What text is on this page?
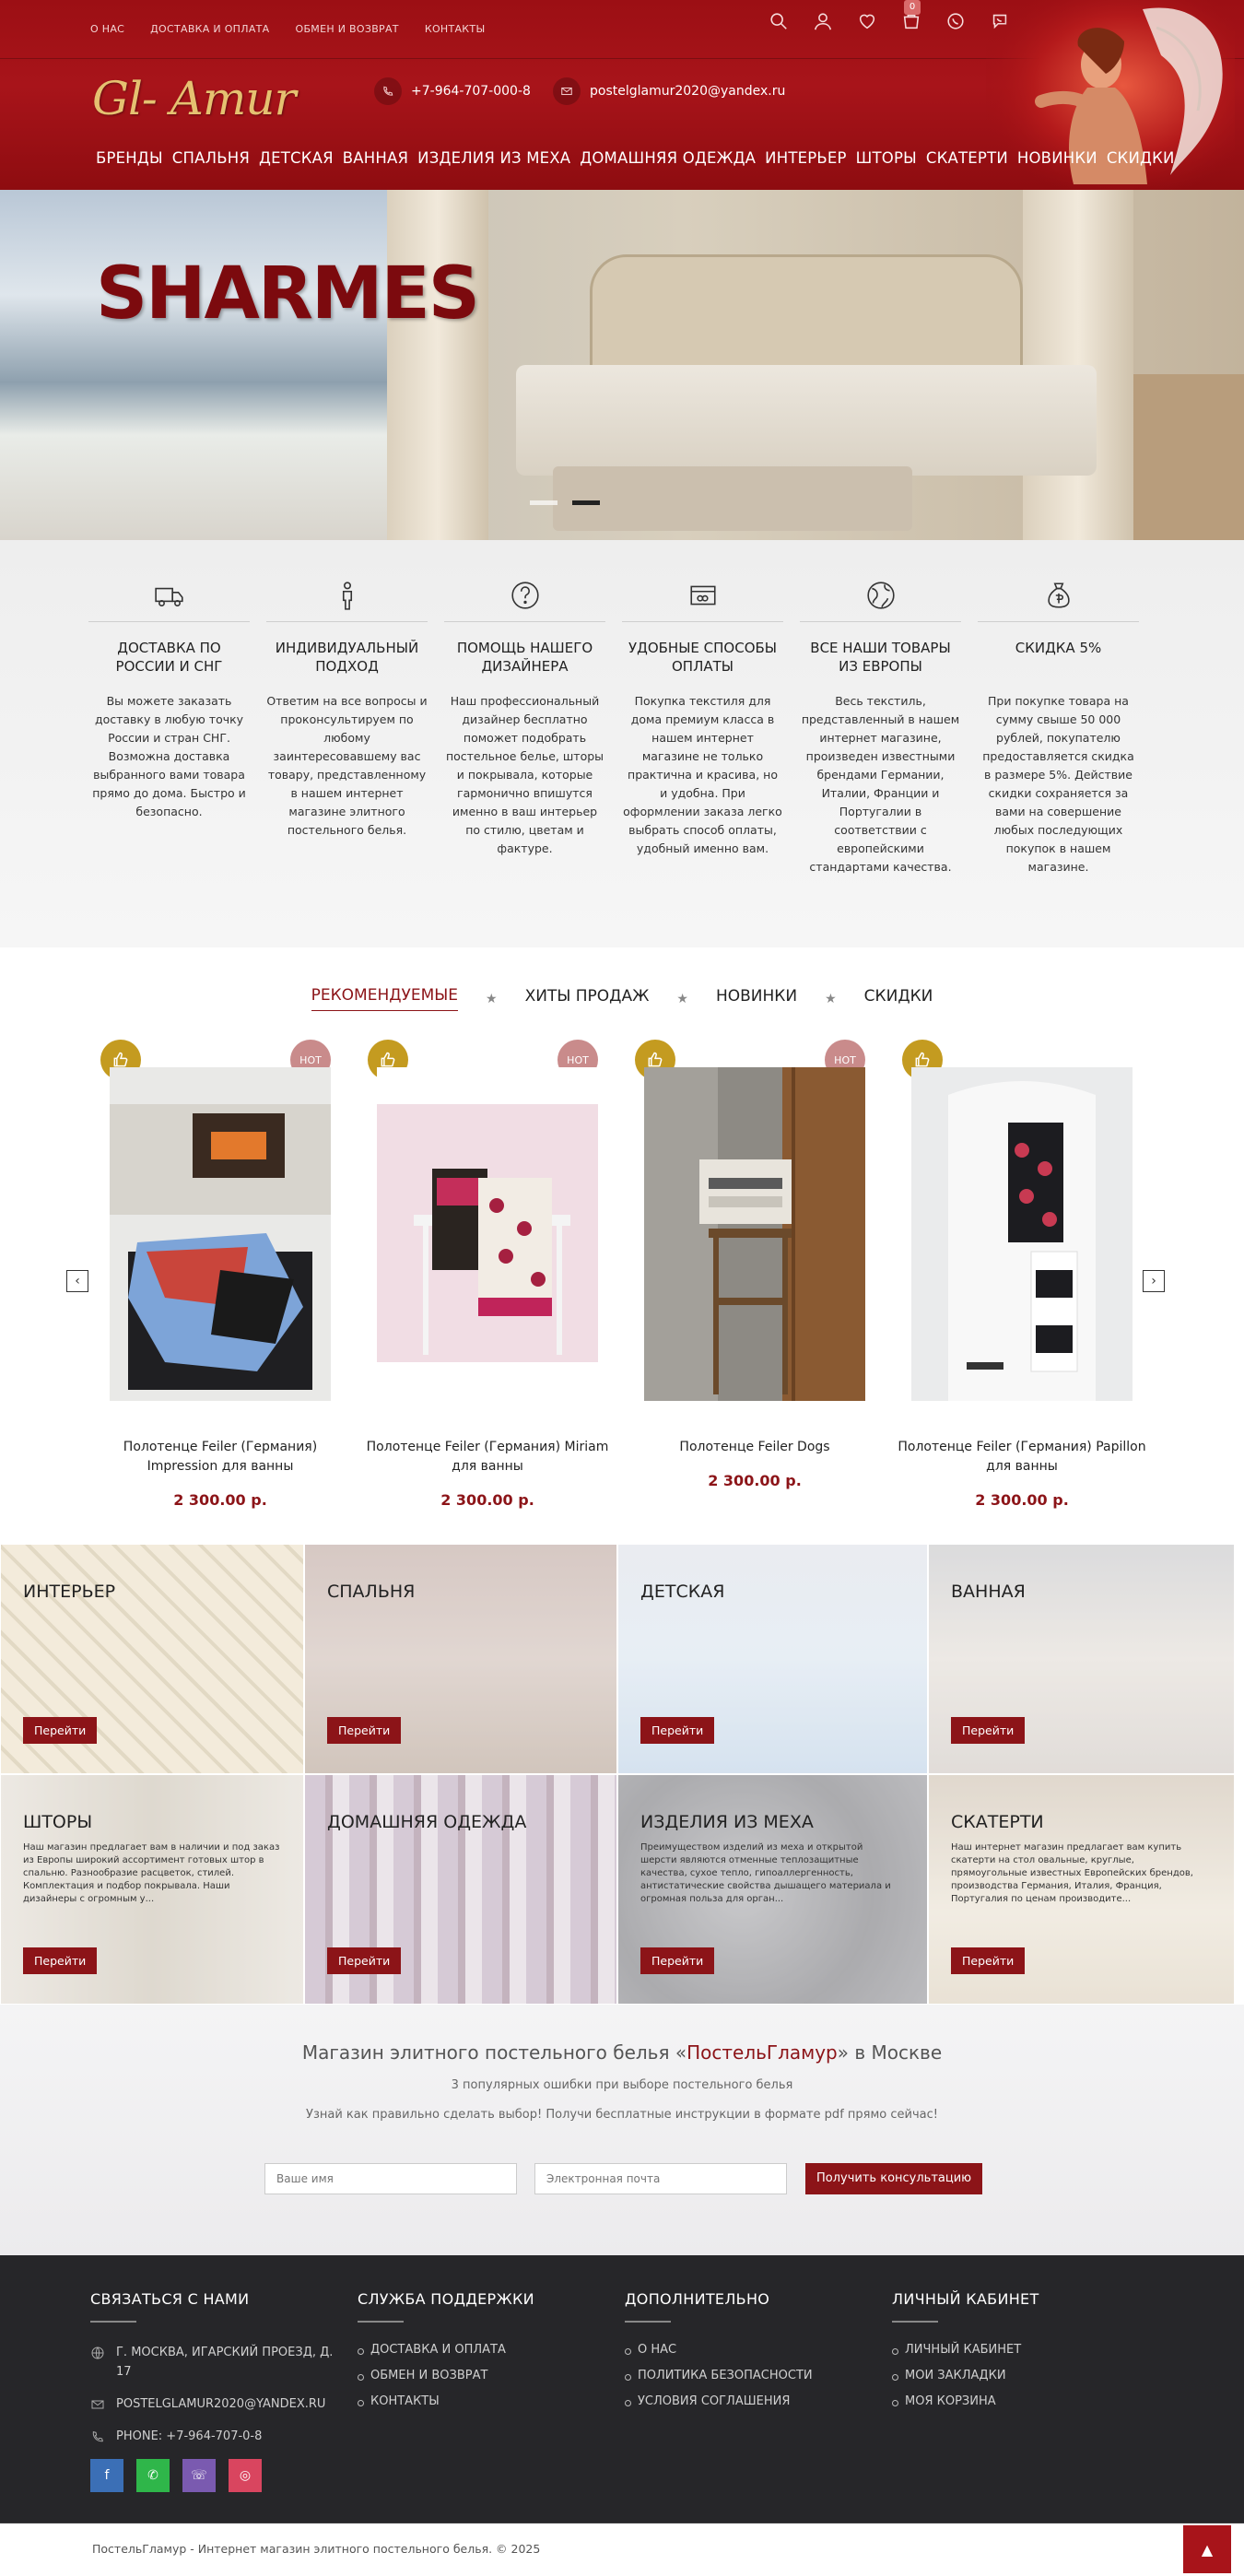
О НАС	ДОСТАВКА И ОПЛАТА	ОБМЕН И ВОЗВРАТ	КОНТАКТЫ
0
Gl- Amur	+7-964-707-000-8	postelglamur2020@yandex.ru
БРЕНДЫ СПАЛЬНЯ ДЕТСКАЯ ВАННАЯ ИЗДЕЛИЯ ИЗ МЕХА ДОМАШНЯЯ ОДЕЖДА ИНТЕРЬЕР ШТОРЫ СКАТЕРТИ НОВИНКИ СКИДКИ
SHARMES
ДОСТАВКА ПО РОССИИ И СНГ

Вы можете заказать доставку в любую точку России и стран СНГ. Возможна доставка выбранного вами товара прямо до дома. Быстро и безопасно.

ИНДИВИДУАЛЬНЫЙ ПОДХОД

Ответим на все вопросы и проконсультируем по любому заинтересовавшему вас товару, представленному в нашем интернет магазине элитного постельного белья.

ПОМОЩЬ НАШЕГО ДИЗАЙНЕРА

Наш профессиональный дизайнер бесплатно поможет подобрать постельное белье, шторы и покрывала, которые гармонично впишутся именно в ваш интерьер по стилю, цветам и фактуре.

УДОБНЫЕ СПОСОБЫ ОПЛАТЫ

Покупка текстиля для дома премиум класса в нашем интернет магазине не только практична и красива, но и удобна. При оформлении заказа легко выбрать способ оплаты, удобный именно вам.

ВСЕ НАШИ ТОВАРЫ ИЗ ЕВРОПЫ

Весь текстиль, представленный в нашем интернет магазине, произведен известными брендами Германии, Италии, Франции и Португалии в соответствии с европейскими стандартами качества.

СКИДКА 5%

При покупке товара на сумму свыше 50 000 рублей, покупателю предоставляется скидка в размере 5%. Действие скидки сохраняется за вами на совершение любых последующих покупок в нашем магазине.

РЕКОМЕНДУЕМЫЕ ★ ХИТЫ ПРОДАЖ ★ НОВИНКИ ★ СКИДКИ
‹	›
HOT
Полотенце Feiler (Германия) Impression для ванны
2 300.00 р.
HOT
Полотенце Feiler (Германия) Miriam для ванны
2 300.00 р.
HOT
Полотенце Feiler Dogs
2 300.00 р.
Полотенце Feiler (Германия) Papillon для ванны
2 300.00 р.
ИНТЕРЬЕР
Перейти
СПАЛЬНЯ
Перейти
ДЕТСКАЯ
Перейти
ВАННАЯ
Перейти
ШТОРЫ

Наш магазин предлагает вам в наличии и под заказ из Европы широкий ассортимент готовых штор в спальню. Разнообразие расцветок, стилей. Комплектация и подбор покрывала. Наши дизайнеры с огромным у...

Перейти
ДОМАШНЯЯ ОДЕЖДА
Перейти
ИЗДЕЛИЯ ИЗ МЕХА

Преимуществом изделий из меха и открытой шерсти являются отменные теплозащитные качества, сухое тепло, гипоаллергенность, антистатические свойства дышащего материала и огромная польза для орган...

Перейти
СКАТЕРТИ

Наш интернет магазин предлагает вам купить скатерти на стол овальные, круглые, прямоугольные известных Европейских брендов, производства Германия, Италия, Франция, Португалия по ценам производите...

Перейти
Магазин элитного постельного белья «ПостельГламур» в Москве
3 популярных ошибки при выборе постельного белья
Узнай как правильно сделать выбор! Получи бесплатные инструкции в формате pdf прямо сейчас!
Ваше имя
Электронная почта
Получить консультацию
СВЯЗАТЬСЯ С НАМИ
Г. МОСКВА, ИГАРСКИЙ ПРОЕЗД, Д. 17
POSTELGLAMUR2020@YANDEX.RU
PHONE: +7-964-707-0-8
f	✆	☏	◎
СЛУЖБА ПОДДЕРЖКИ
ДОСТАВКА И ОПЛАТА
ОБМЕН И ВОЗВРАТ
КОНТАКТЫ
ДОПОЛНИТЕЛЬНО
О НАС
ПОЛИТИКА БЕЗОПАСНОСТИ
УСЛОВИЯ СОГЛАШЕНИЯ
ЛИЧНЫЙ КАБИНЕТ
ЛИЧНЫЙ КАБИНЕТ
МОИ ЗАКЛАДКИ
МОЯ КОРЗИНА
ПостельГламур - Интернет магазин элитного постельного белья. © 2025	▲
